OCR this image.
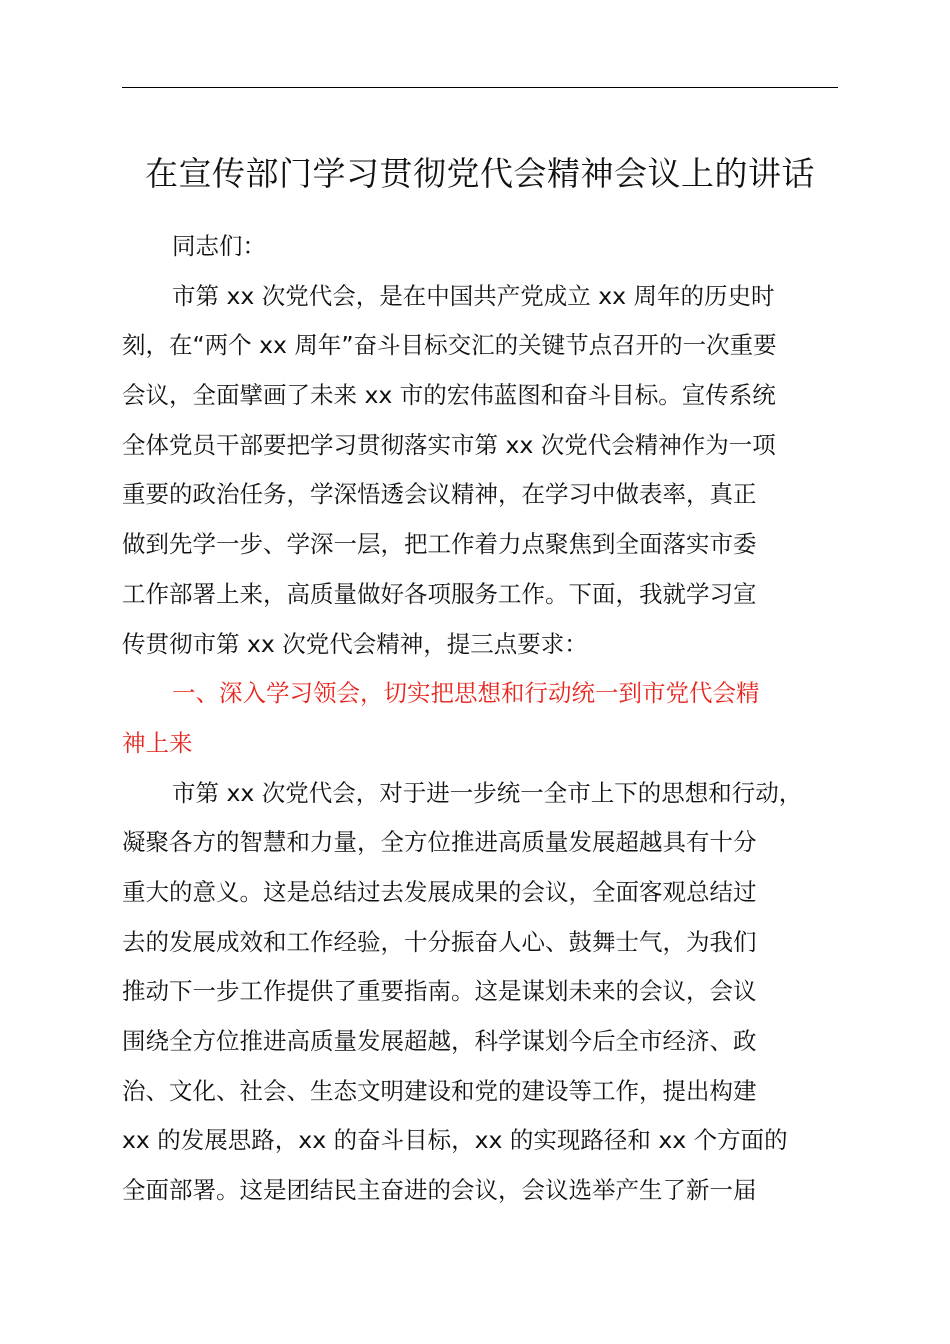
在宣传部门学习贯彻党代会精神会议上的讲话
同志们：
市第 xx 次党代会，是在中国共产党成立 xx 周年的历史时
刻，在“两个 xx 周年”奋斗目标交汇的关键节点召开的一次重要
会议，全面擘画了未来 xx 市的宏伟蓝图和奋斗目标。宣传系统
全体党员干部要把学习贯彻落实市第 xx 次党代会精神作为一项
重要的政治任务，学深悟透会议精神，在学习中做表率，真正
做到先学一步、学深一层，把工作着力点聚焦到全面落实市委
工作部署上来，高质量做好各项服务工作。下面，我就学习宣
传贯彻市第 xx 次党代会精神，提三点要求：
一、深入学习领会，切实把思想和行动统一到市党代会精
神上来
市第 xx 次党代会，对于进一步统一全市上下的思想和行动，
凝聚各方的智慧和力量，全方位推进高质量发展超越具有十分
重大的意义。这是总结过去发展成果的会议，全面客观总结过
去的发展成效和工作经验，十分振奋人心、鼓舞士气，为我们
推动下一步工作提供了重要指南。这是谋划未来的会议，会议
围绕全方位推进高质量发展超越，科学谋划今后全市经济、政
治、文化、社会、生态文明建设和党的建设等工作，提出构建
xx 的发展思路，xx 的奋斗目标，xx 的实现路径和 xx 个方面的
全面部署。这是团结民主奋进的会议，会议选举产生了新一届
